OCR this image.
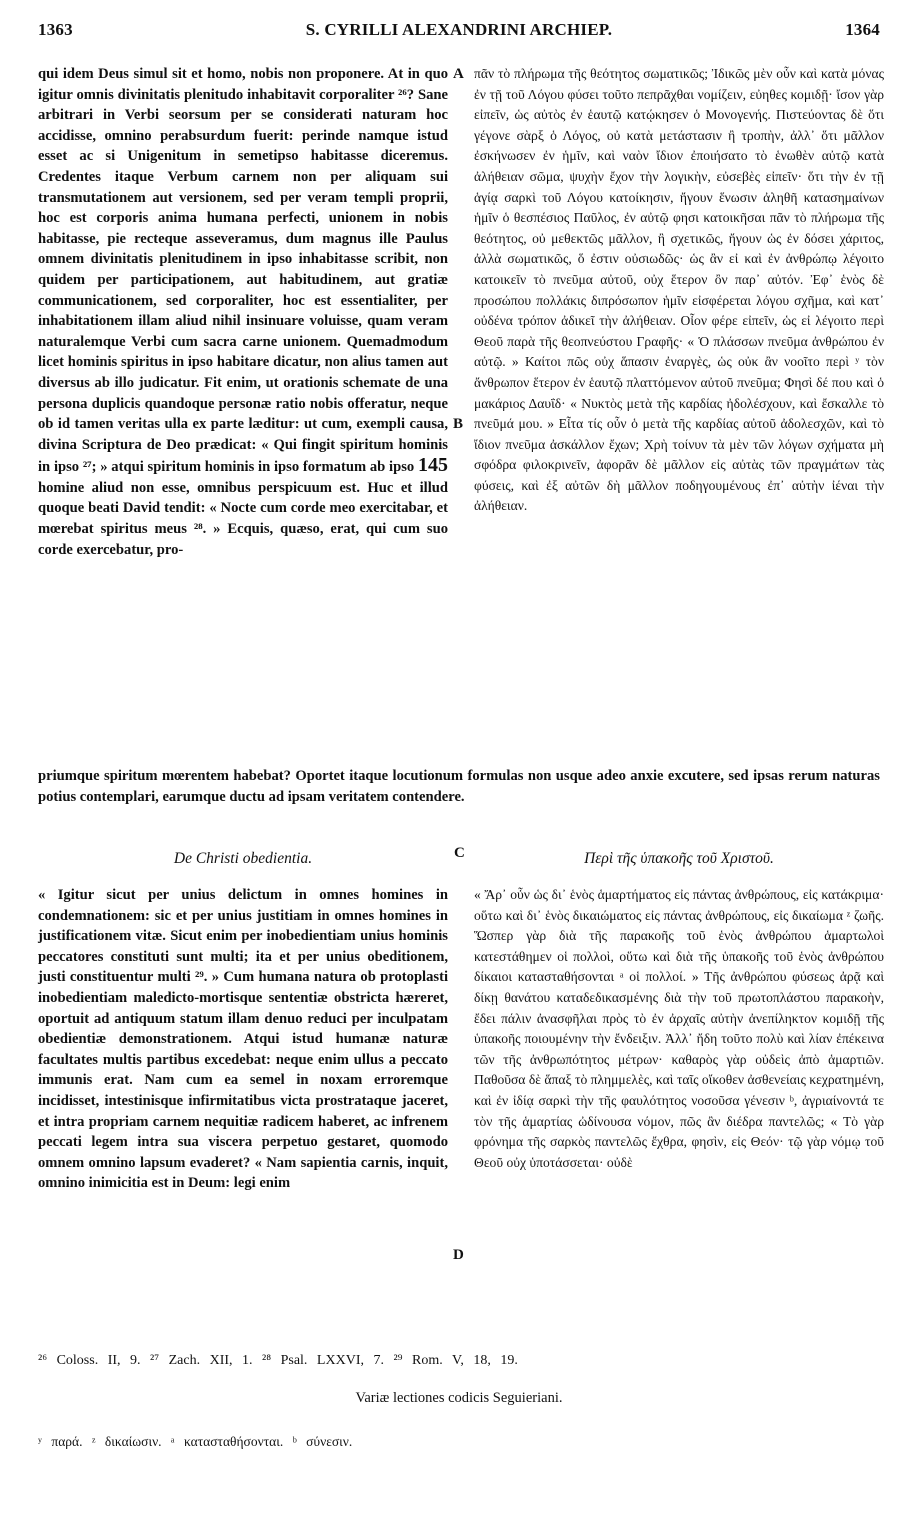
1363	S. CYRILLI ALEXANDRINI ARCHIEP.	1364
qui idem Deus simul sit et homo, nobis non proponere. At in quo igitur omnis divinitatis plenitudo inhabitavit corporaliter ²⁶? Sane arbitrari in Verbi seorsum per se considerati naturam hoc accidisse, omnino perabsurdum fuerit: perinde namque istud esset ac si Unigenitum in semetipso habitasse diceremus. Credentes itaque Verbum carnem non per aliquam sui transmutationem aut versionem, sed per veram templi proprii, hoc est corporis anima humana perfecti, unionem in nobis habitasse, pie recteque asseveramus, dum magnus ille Paulus omnem divinitatis plenitudinem in ipso inhabitasse scribit, non quidem per participationem, aut habitudinem, aut gratiæ communicationem, sed corporaliter, hoc est essentialiter, per inhabitationem illam aliud nihil insinuare voluisse, quam veram naturalemque Verbi cum sacra carne unionem. Quemadmodum licet hominis spiritus in ipso habitare dicatur, non alius tamen aut diversus ab illo judicatur. Fit enim, ut orationis schemate de una persona duplicis quandoque personæ ratio nobis offeratur, neque ob id tamen veritas ulla ex parte læditur: ut cum, exempli causa, divina Scriptura de Deo prædicat: « Qui fingit spiritum hominis in ipso ²⁷; » atqui spiritum hominis in ipso formatum ab ipso 145 homine aliud non esse, omnibus perspicuum est. Huc et illud quoque beati David tendit: « Nocte cum corde meo exercitabar, et mœrebat spiritus meus ²⁸. » Ecquis, quæso, erat, qui cum suo corde exercebatur, pro-
A
B
C
D
πᾶν τὸ πλήρωμα τῆς θεότητος σωματικῶς; Ἰδικῶς μὲν οὖν καὶ κατὰ μόνας ἐν τῇ τοῦ Λόγου φύσει τοῦτο πεπρᾶχθαι νομίζειν, εὐηθες κομιδῇ· ἴσον γὰρ εἰπεῖν, ὡς αὐτὸς ἐν ἑαυτῷ κατῴκησεν ὁ Μονογενής. Πιστεύοντας δὲ ὅτι γέγονε σὰρξ ὁ Λόγος, οὐ κατὰ μετάστασιν ἢ τροπὴν, ἀλλ᾽ ὅτι μᾶλλον ἐσκήνωσεν ἐν ἡμῖν, καὶ ναὸν ἴδιον ἐποιήσατο τὸ ἑνωθὲν αὐτῷ κατὰ ἀλήθειαν σῶμα, ψυχὴν ἔχον τὴν λογικὴν, εὐσεβὲς εἰπεῖν· ὅτι τὴν ἐν τῇ ἁγίᾳ σαρκὶ τοῦ Λόγου κατοίκησιν, ἤγουν ἕνωσιν ἀληθῆ κατασημαίνων ἡμῖν ὁ θεσπέσιος Παῦλος, ἐν αὐτῷ φησι κατοικῆσαι πᾶν τὸ πλήρωμα τῆς θεότητος, οὐ μεθεκτῶς μᾶλλον, ἢ σχετικῶς, ἤγουν ὡς ἐν δόσει χάριτος, ἀλλὰ σωματικῶς, ὅ ἐστιν οὐσιωδῶς· ὡς ἂν εἰ καὶ ἐν ἀνθρώπῳ λέγοιτο κατοικεῖν τὸ πνεῦμα αὐτοῦ, οὐχ ἕτερον ὂν παρ᾽ αὐτόν. Ἐφ᾽ ἑνὸς δὲ προσώπου πολλάκις διπρόσωπον ἡμῖν εἰσφέρεται λόγου σχῆμα, καὶ κατ᾽ οὐδένα τρόπον ἀδικεῖ τὴν ἀλήθειαν. Οἷον φέρε εἰπεῖν, ὡς εἰ λέγοιτο περὶ Θεοῦ παρὰ τῆς θεοπνεύστου Γραφῆς· « Ὁ πλάσσων πνεῦμα ἀνθρώπου ἐν αὐτῷ. » Καίτοι πῶς οὐχ ἅπασιν ἐναργὲς, ὡς οὐκ ἂν νοοῖτο περὶ ʸ τὸν ἄνθρωπον ἕτερον ἐν ἑαυτῷ πλαττόμενον αὐτοῦ πνεῦμα; Φησὶ δέ που καὶ ὁ μακάριος Δαυΐδ· « Νυκτὸς μετὰ τῆς καρδίας ἠδολέσχουν, καὶ ἔσκαλλε τὸ πνεῦμά μου. » Εἶτα τίς οὖν ὁ μετὰ τῆς καρδίας αὐτοῦ ἀδολεσχῶν, καὶ τὸ ἴδιον πνεῦμα ἀσκάλλον ἔχων; Χρὴ τοίνυν τὰ μὲν τῶν λόγων σχήματα μὴ σφόδρα φιλοκρινεῖν, ἀφορᾶν δὲ μᾶλλον εἰς αὐτὰς τῶν πραγμάτων τὰς φύσεις, καὶ ἐξ αὐτῶν δὴ μᾶλλον ποδηγουμένους ἐπ᾽ αὐτὴν ἰέναι τὴν ἀλήθειαν.
priumque spiritum mœrentem habebat? Oportet itaque locutionum formulas non usque adeo anxie excutere, sed ipsas rerum naturas potius contemplari, earumque ductu ad ipsam veritatem contendere.
De Christi obedientia.	Περὶ τῆς ὑπακοῆς τοῦ Χριστοῦ.
« Igitur sicut per unius delictum in omnes homines in condemnationem: sic et per unius justitiam in omnes homines in justificationem vitæ. Sicut enim per inobedientiam unius hominis peccatores constituti sunt multi; ita et per unius obeditionem, justi constituentur multi ²⁹. » Cum humana natura ob protoplasti inobedientiam maledicto-mortisque sententiæ obstricta hæreret, oportuit ad antiquum statum illam denuo reduci per inculpatam obedientiæ demonstrationem. Atqui istud humanæ naturæ facultates multis partibus excedebat: neque enim ullus a peccato immunis erat. Nam cum ea semel in noxam erroremque incidisset, intestinisque infirmitatibus victa prostrataque jaceret, et intra propriam carnem nequitiæ radicem haberet, ac infrenem peccati legem intra sua viscera perpetuo gestaret, quomodo omnem omnino lapsum evaderet? « Nam sapientia carnis, inquit, omnino inimicitia est in Deum: legi enim
« Ἄρ᾽ οὖν ὡς δι᾽ ἑνὸς ἁμαρτήματος εἰς πάντας ἀνθρώπους, εἰς κατάκριμα· οὕτω καὶ δι᾽ ἑνὸς δικαιώματος εἰς πάντας ἀνθρώπους, εἰς δικαίωμα ᶻ ζωῆς. Ὥσπερ γὰρ διὰ τῆς παρακοῆς τοῦ ἑνὸς ἀνθρώπου ἁμαρτωλοὶ κατεστάθημεν οἱ πολλοὶ, οὕτω καὶ διὰ τῆς ὑπακοῆς τοῦ ἑνὸς ἀνθρώπου δίκαιοι κατασταθήσονται ᵃ οἱ πολλοί. » Τῆς ἀνθρώπου φύσεως ἀρᾷ καὶ δίκῃ θανάτου καταδεδικασμένης διὰ τὴν τοῦ πρωτοπλάστου παρακοὴν, ἔδει πάλιν ἀνασφῆλαι πρὸς τὸ ἐν ἀρχαῖς αὐτὴν ἀνεπίληκτον κομιδῇ τῆς ὑπακοῆς ποιουμένην τὴν ἔνδειξιν. Ἀλλ᾽ ἤδη τοῦτο πολὺ καὶ λίαν ἐπέκεινα τῶν τῆς ἀνθρωπότητος μέτρων· καθαρὸς γὰρ οὐδεὶς ἀπὸ ἁμαρτιῶν. Παθοῦσα δὲ ἅπαξ τὸ πλημμελὲς, καὶ ταῖς οἴκοθεν ἀσθενείαις κεχρατημένη, καὶ ἐν ἰδίᾳ σαρκὶ τὴν τῆς φαυλότητος νοσοῦσα γένεσιν ᵇ, ἀγριαίνοντά τε τὸν τῆς ἁμαρτίας ὠδίνουσα νόμον, πῶς ἂν διέδρα παντελῶς; « Τὸ γὰρ φρόνημα τῆς σαρκὸς παντελῶς ἔχθρα, φησὶν, εἰς Θεόν· τῷ γὰρ νόμῳ τοῦ Θεοῦ οὐχ ὑποτάσσεται· οὐδὲ
²⁶ Coloss. II, 9. ²⁷ Zach. XII, 1. ²⁸ Psal. LXXVI, 7. ²⁹ Rom. V, 18, 19.
Variæ lectiones codicis Seguieriani.
ʸ παρά. ᶻ δικαίωσιν. ᵃ κατασταθήσονται. ᵇ σύνεσιν.
